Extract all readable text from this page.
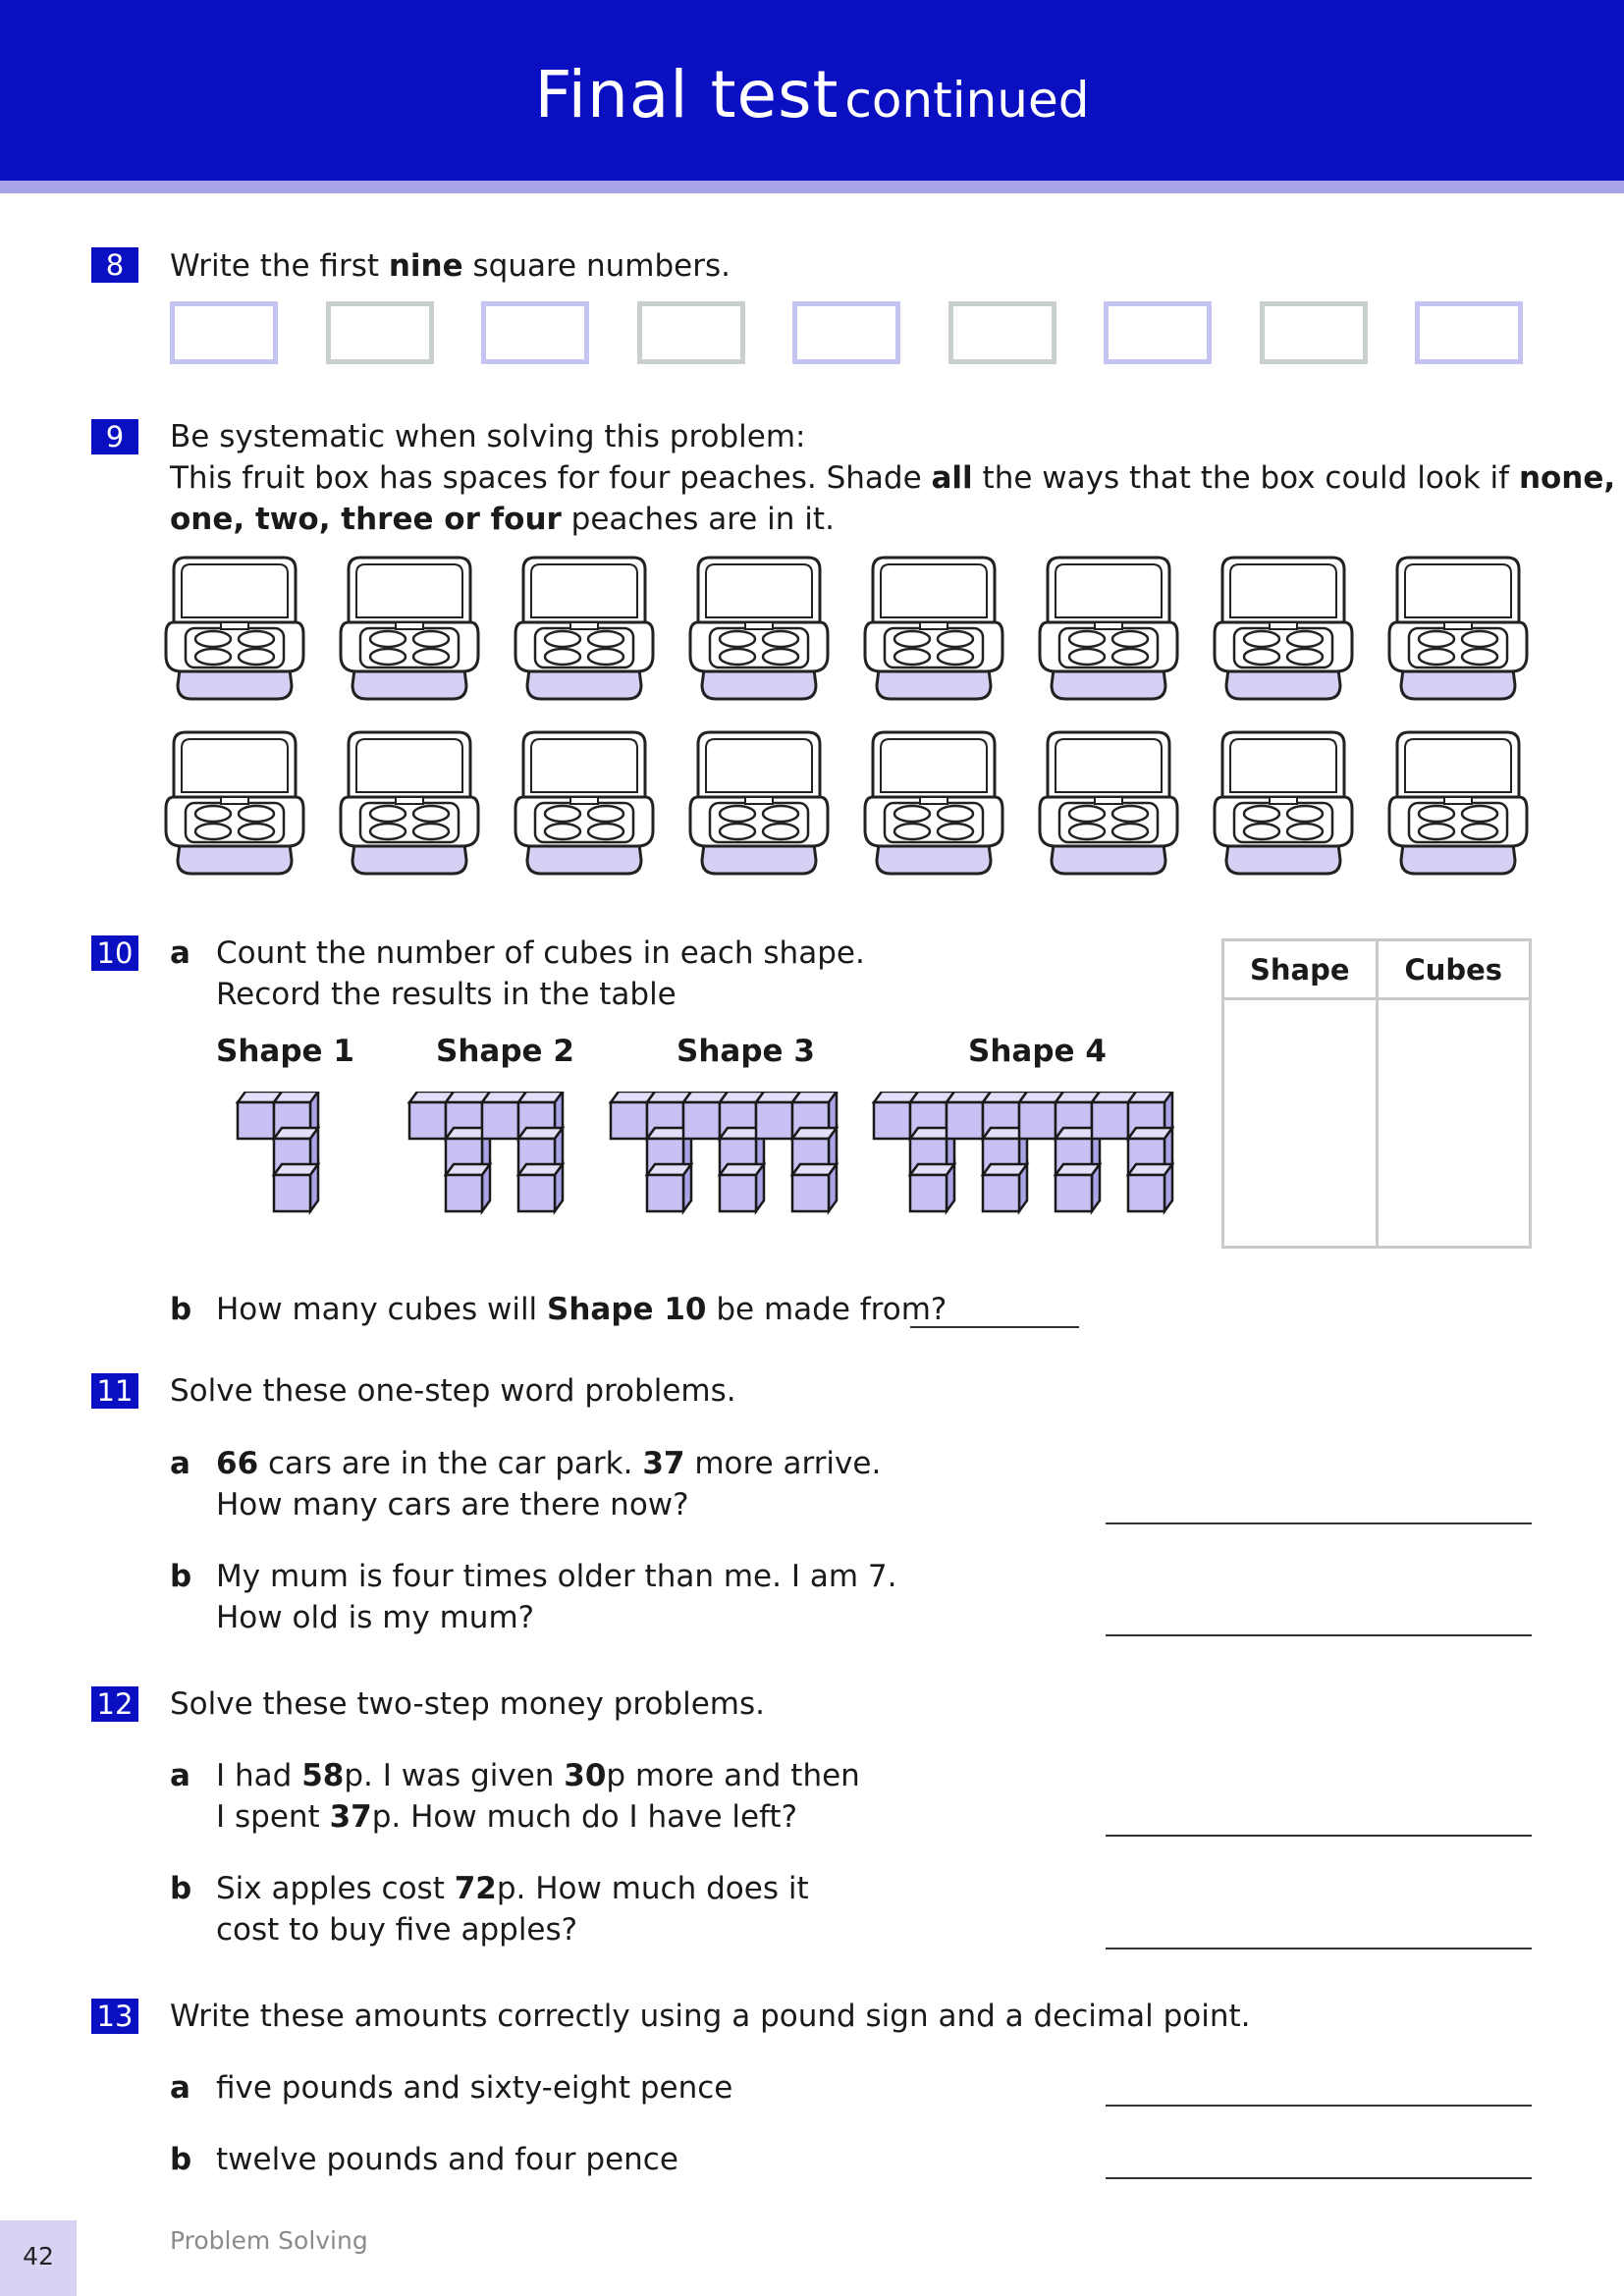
Final test continued
8	Write the first nine square numbers.
9	Be systematic when solving this problem:
This fruit box has spaces for four peaches. Shade all the ways that the box could look if none,
one, two, three or four peaches are in it.
10 a Count the number of cubes in each shape.
Record the results in the table
Shape 1	Shape 2	Shape 3	Shape 4
Shape	Cubes

b How many cubes will Shape 10 be made from?
11 Solve these one-step word problems.
a 66 cars are in the car park. 37 more arrive.
How many cars are there now?
b My mum is four times older than me. I am 7.
How old is my mum?
12 Solve these two-step money problems.
a I had 58p. I was given 30p more and then
I spent 37p. How much do I have left?
b Six apples cost 72p. How much does it
cost to buy five apples?
13 Write these amounts correctly using a pound sign and a decimal point.
a five pounds and sixty-eight pence
b twelve pounds and four pence
42
Problem Solving
